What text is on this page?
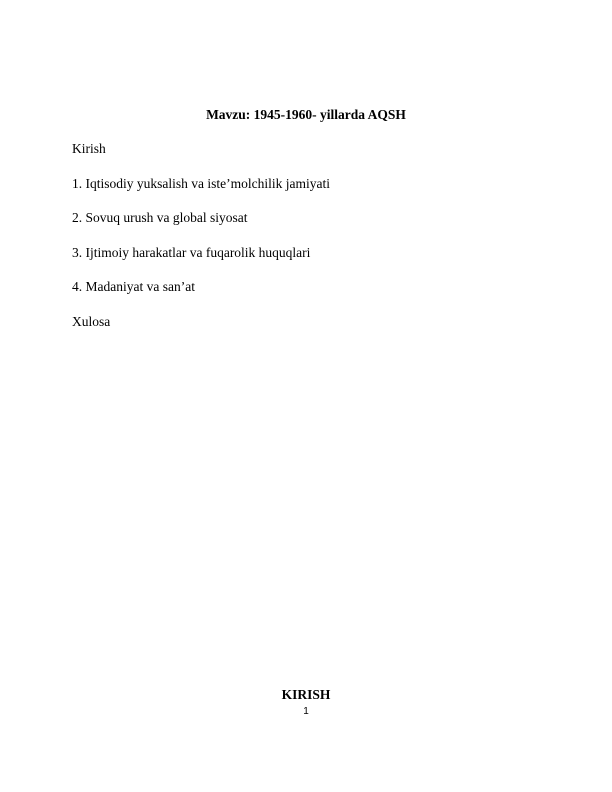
Mavzu: 1945-1960- yillarda AQSH
Kirish
1. Iqtisodiy yuksalish va iste’molchilik jamiyati
2. Sovuq urush va global siyosat
3. Ijtimoiy harakatlar va fuqarolik huquqlari
4. Madaniyat va san’at
Xulosa
KIRISH
1
